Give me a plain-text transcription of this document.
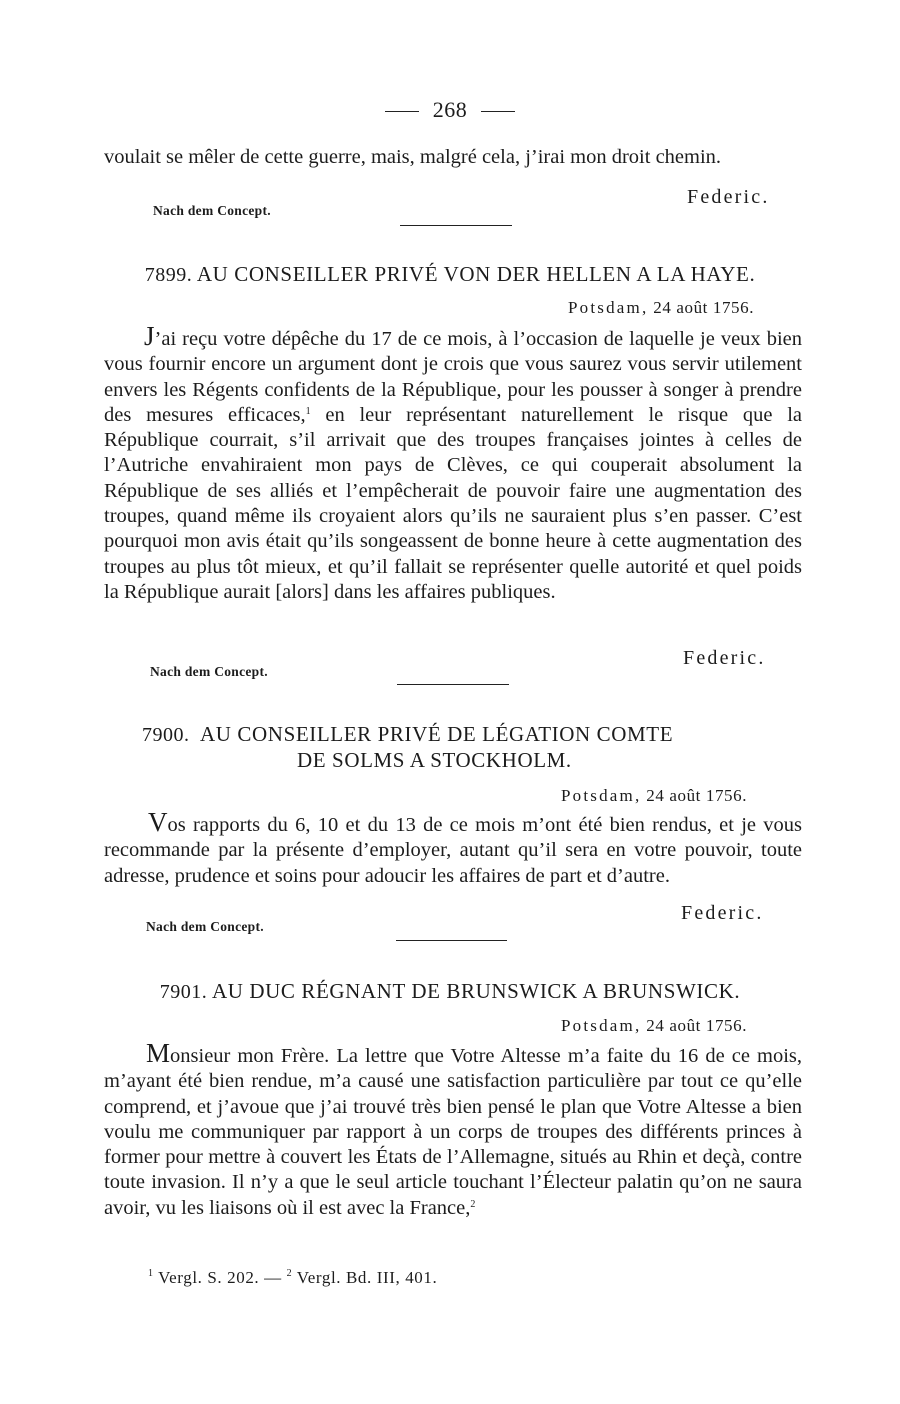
268

voulait se mêler de cette guerre, mais, malgré cela, j’irai mon droit chemin.

Federic.
Nach dem Concept.
7899. AU CONSEILLER PRIVÉ VON DER HELLEN A LA HAYE.
Potsdam, 24 août 1756.

J’ai reçu votre dépêche du 17 de ce mois, à l’occasion de laquelle je veux bien vous fournir encore un argument dont je crois que vous saurez vous servir utilement envers les Régents confidents de la République, pour les pousser à songer à prendre des mesures efficaces,$^1$ en leur représentant naturellement le risque que la République courrait, s’il arrivait que des troupes françaises jointes à celles de l’Autriche envahiraient mon pays de Clèves, ce qui couperait absolument la République de ses alliés et l’empêcherait de pouvoir faire une augmentation des troupes, quand même ils croyaient alors qu’ils ne sauraient plus s’en passer. C’est pourquoi mon avis était qu’ils songeassent de bonne heure à cette augmentation des troupes au plus tôt mieux, et qu’il fallait se représenter quelle autorité et quel poids la République aurait [alors] dans les affaires publiques.

Federic.
Nach dem Concept.
7900. AU CONSEILLER PRIVÉ DE LÉGATION COMTE
DE SOLMS A STOCKHOLM.
Potsdam, 24 août 1756.

Vos rapports du 6, 10 et du 13 de ce mois m’ont été bien rendus, et je vous recommande par la présente d’employer, autant qu’il sera en votre pouvoir, toute adresse, prudence et soins pour adoucir les affaires de part et d’autre.

Federic.
Nach dem Concept.
7901. AU DUC RÉGNANT DE BRUNSWICK A BRUNSWICK.
Potsdam, 24 août 1756.

Monsieur mon Frère. La lettre que Votre Altesse m’a faite du 16 de ce mois, m’ayant été bien rendue, m’a causé une satisfaction particulière par tout ce qu’elle comprend, et j’avoue que j’ai trouvé très bien pensé le plan que Votre Altesse a bien voulu me communiquer par rapport à un corps de troupes des différents princes à former pour mettre à couvert les États de l’Allemagne, situés au Rhin et deçà, contre toute invasion. Il n’y a que le seul article touchant l’Électeur palatin qu’on ne saura avoir, vu les liaisons où il est avec la France,$^2$

$^1$ Vergl. S. 202. — $^2$ Vergl. Bd. III, 401.
